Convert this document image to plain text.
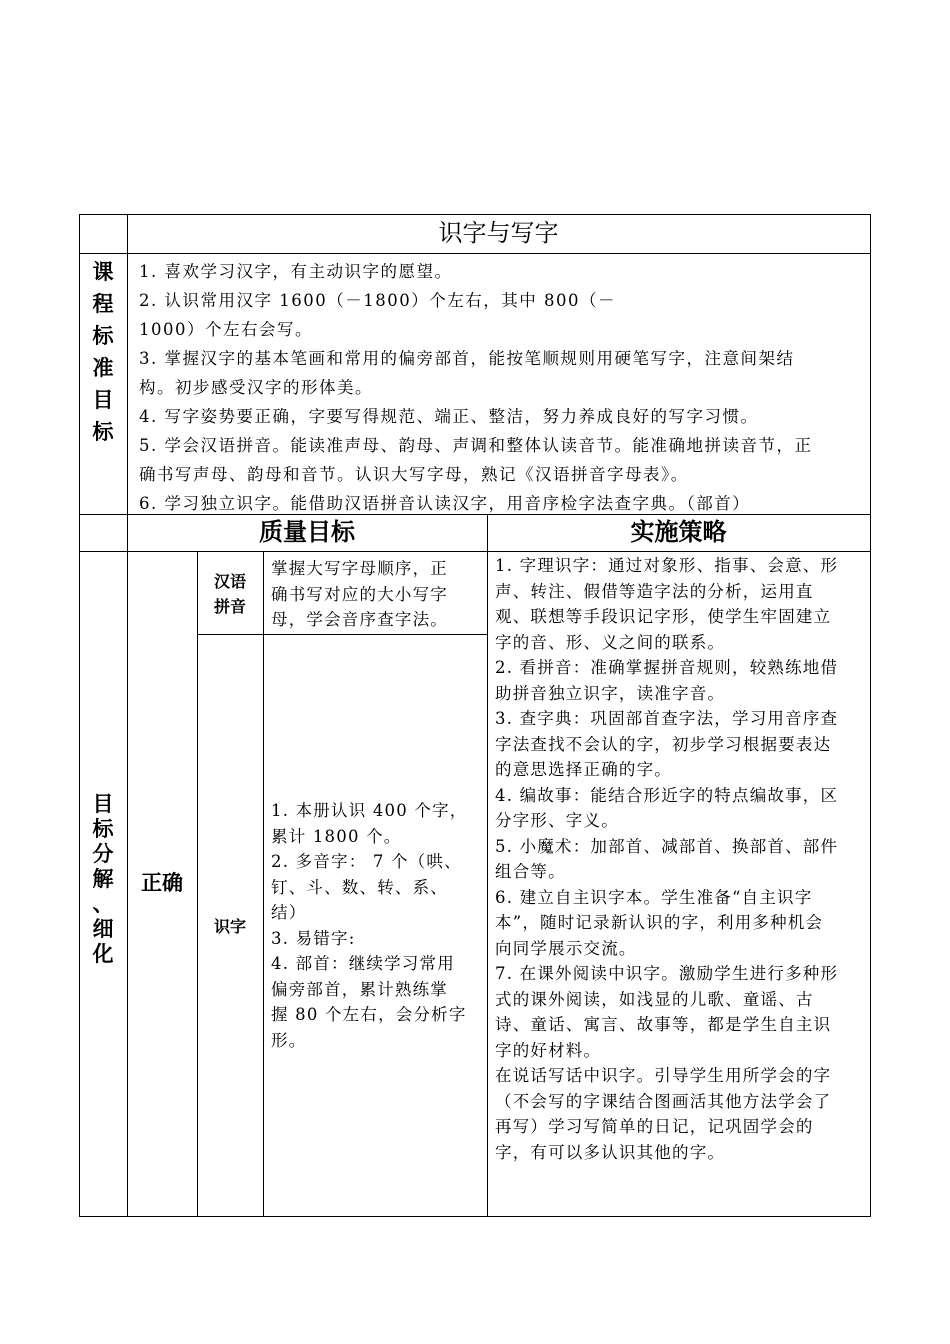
识字与写字
课
程
标
准
目
标
1. 喜欢学习汉字，有主动识字的愿望。
2. 认识常用汉字 1600（－1800）个左右，其中 800（－
1000）个左右会写。
3. 掌握汉字的基本笔画和常用的偏旁部首，能按笔顺规则用硬笔写字，注意间架结
构。初步感受汉字的形体美。
4. 写字姿势要正确，字要写得规范、端正、整洁，努力养成良好的写字习惯。
5. 学会汉语拼音。能读准声母、韵母、声调和整体认读音节。能准确地拼读音节，正
确书写声母、韵母和音节。认识大写字母，熟记《汉语拼音字母表》。
6. 学习独立识字。能借助汉语拼音认读汉字，用音序检字法查字典。（部首）
质量目标	实施策略
目
标
分
解
、
细
化
正确
汉语
拼音
掌握大写字母顺序，正
确书写对应的大小写字
母，学会音序查字法。
识字
1. 本册认识 400 个字，
累计 1800 个。
2. 多音字： 7 个（哄、
钉、斗、数、转、系、
结）
3. 易错字:
4. 部首：继续学习常用
偏旁部首，累计熟练掌
握 80 个左右，会分析字
形。
1. 字理识字：通过对象形、指事、会意、形
声、转注、假借等造字法的分析，运用直
观、联想等手段识记字形，使学生牢固建立
字的音、形、义之间的联系。
2. 看拼音：准确掌握拼音规则，较熟练地借
助拼音独立识字，读准字音。
3. 查字典：巩固部首查字法，学习用音序查
字法查找不会认的字，初步学习根据要表达
的意思选择正确的字。
4. 编故事：能结合形近字的特点编故事，区
分字形、字义。
5. 小魔术：加部首、减部首、换部首、部件
组合等。
6. 建立自主识字本。学生准备“自主识字
本”，随时记录新认识的字，利用多种机会
向同学展示交流。
7. 在课外阅读中识字。激励学生进行多种形
式的课外阅读，如浅显的儿歌、童谣、古
诗、童话、寓言、故事等，都是学生自主识
字的好材料。
在说话写话中识字。引导学生用所学会的字
（不会写的字课结合图画活其他方法学会了
再写）学习写简单的日记，记巩固学会的
字，有可以多认识其他的字。
